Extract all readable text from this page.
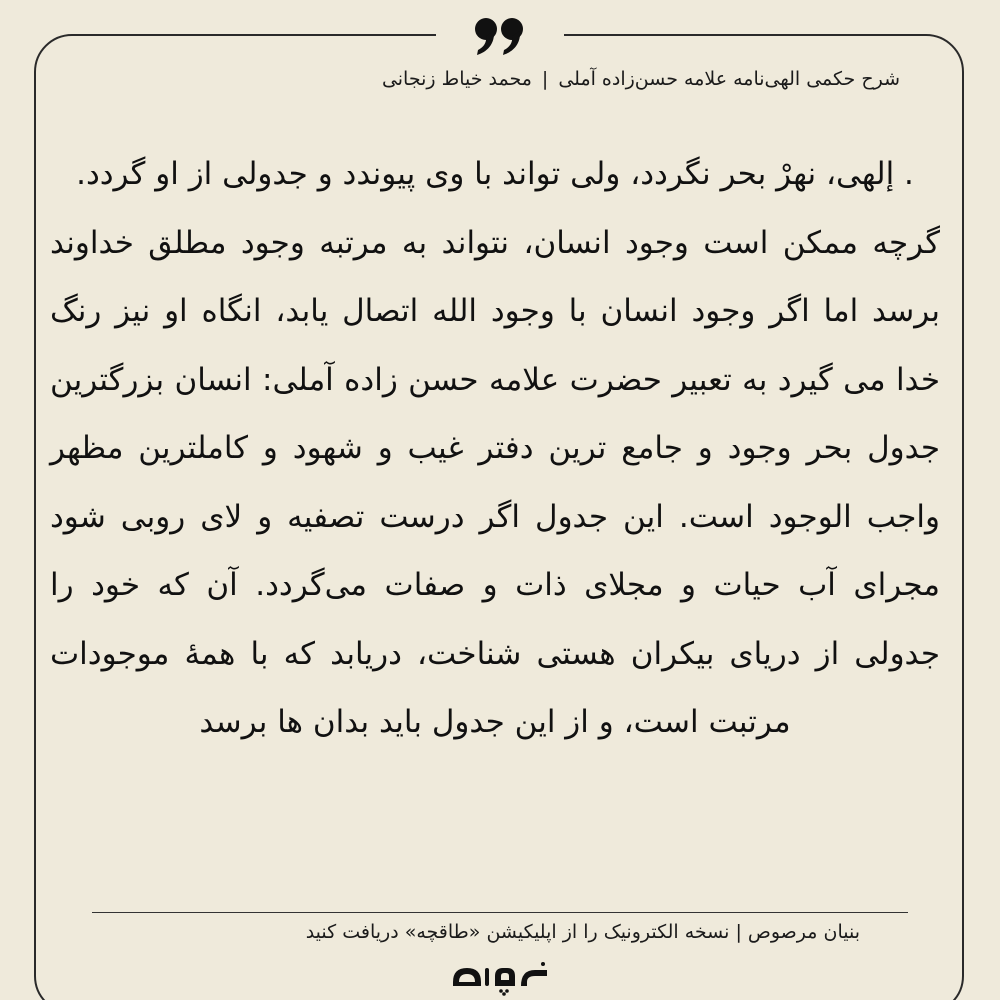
شرح حکمی الهی‌نامه علامه حسن‌زاده آملی|محمد خیاط زنجانی

. إلهی، نهرْ بحر نگردد، ولی تواند با وی پیوندد و جدولی از او گردد.

گرچه ممکن است وجود انسان، نتواند به مرتبه وجود مطلق خداوند برسد اما اگر وجود انسان با وجود الله اتصال یابد، انگاه او نیز رنگ خدا می گیرد به تعبیر حضرت علامه حسن زاده آملی: انسان بزرگترین جدول بحر وجود و جامع ترین دفتر غیب و شهود و کاملترین مظهر واجب الوجود است. این جدول اگر درست تصفیه و لای روبی شود مجرای آب حیات و مجلای ذات و صفات می‌گردد. آن که خود را جدولی از دریای بیکران هستی شناخت، دریابد که با همهٔ موجودات مرتبت است، و از این جدول باید بدان ها برسد

بنیان مرصوص | نسخه الکترونیک را از اپلیکیشن «طاقچه» دریافت کنید
